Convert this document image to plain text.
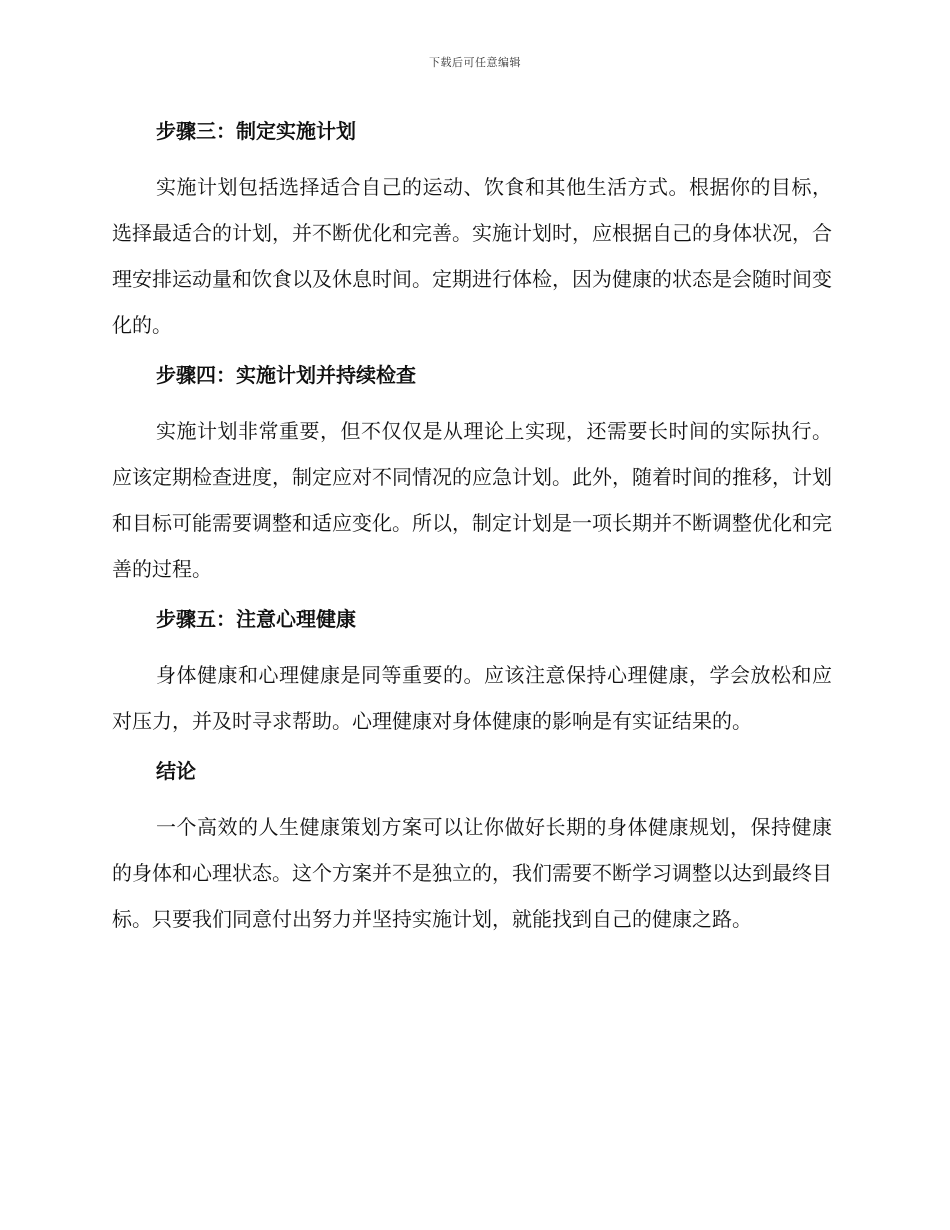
下载后可任意编辑
步骤三：制定实施计划

实施计划包括选择适合自己的运动、饮食和其他生活方式。根据你的目标，选择最适合的计划，并不断优化和完善。实施计划时，应根据自己的身体状况，合理安排运动量和饮食以及休息时间。定期进行体检，因为健康的状态是会随时间变化的。

步骤四：实施计划并持续检查

实施计划非常重要，但不仅仅是从理论上实现，还需要长时间的实际执行。应该定期检查进度，制定应对不同情况的应急计划。此外，随着时间的推移，计划和目标可能需要调整和适应变化。所以，制定计划是一项长期并不断调整优化和完善的过程。

步骤五：注意心理健康

身体健康和心理健康是同等重要的。应该注意保持心理健康，学会放松和应对压力，并及时寻求帮助。心理健康对身体健康的影响是有实证结果的。

结论

一个高效的人生健康策划方案可以让你做好长期的身体健康规划，保持健康的身体和心理状态。这个方案并不是独立的，我们需要不断学习调整以达到最终目标。只要我们同意付出努力并坚持实施计划，就能找到自己的健康之路。
